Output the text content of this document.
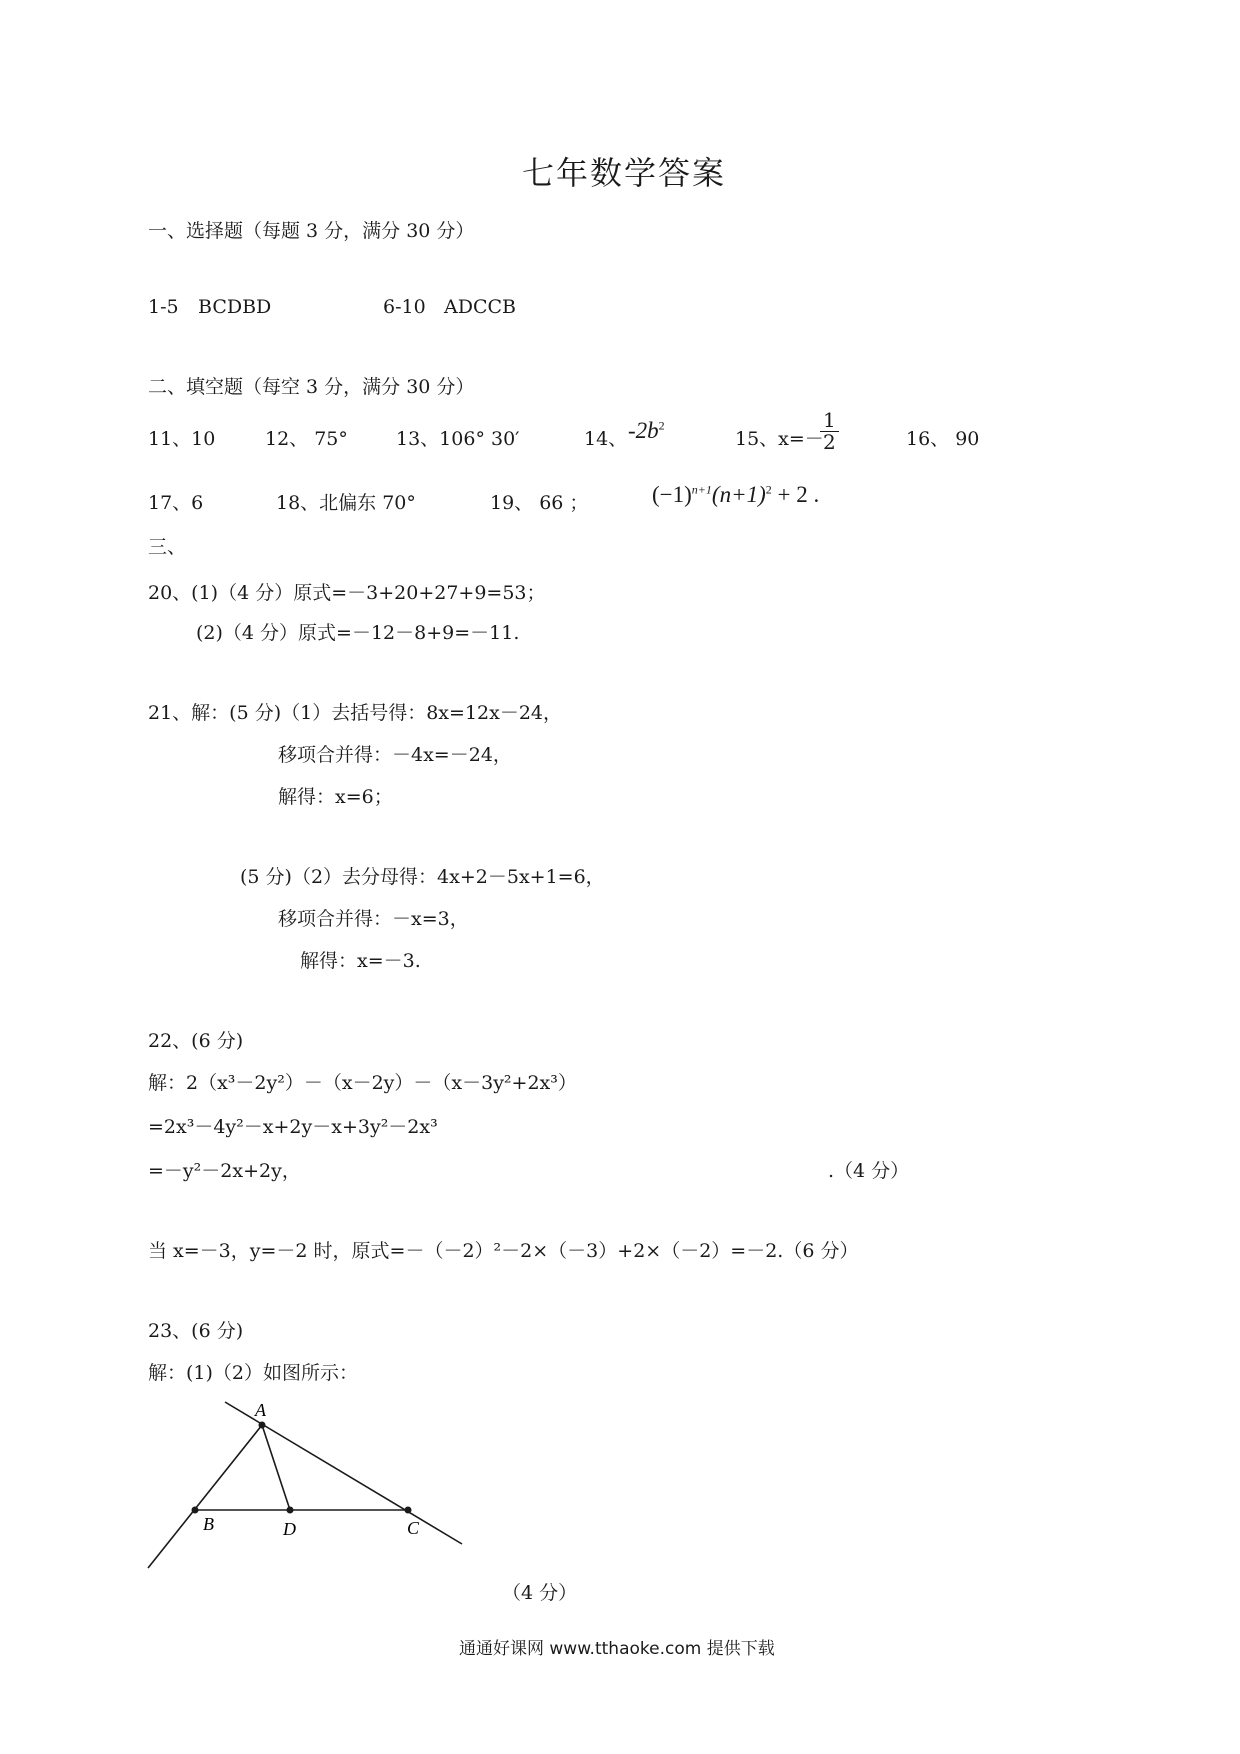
七年数学答案
一、选择题（每题 3 分，满分 30 分）
1-5 BCDBD	6-10 ADCCB
二、填空题（每空 3 分，满分 30 分）
11、10	12、 75°	13、106° 30′	14、 $-2b^2$
15、x=－
$\frac{1}{2}$	16、 90
17、6	18、北偏东 70°	19、 66 ；	$(-1)^{n+1}(n+1)^2 + 2$ .
三、
20、(1)（4 分）原式=－3+20+27+9=53；
(2)（4 分）原式=－12－8+9=－11.
21、解：(5 分)（1）去括号得：8x=12x－24，
移项合并得：－4x=－24，
解得：x=6；
(5 分)（2）去分母得：4x+2－5x+1=6，
移项合并得：－x=3，
解得：x=－3.
22、(6 分)
解：2（x³－2y²）－（x－2y）－（x－3y²+2x³）
=2x³－4y²－x+2y－x+3y²－2x³
=－y²－2x+2y，	.（4 分）
当 x=－3，y=－2 时，原式=－（－2）²－2×（－3）+2×（－2）=－2.（6 分）
23、(6 分)
解：(1)（2）如图所示：
A
B	D	C
（4 分）
通通好课网 www.tthaoke.com 提供下载
